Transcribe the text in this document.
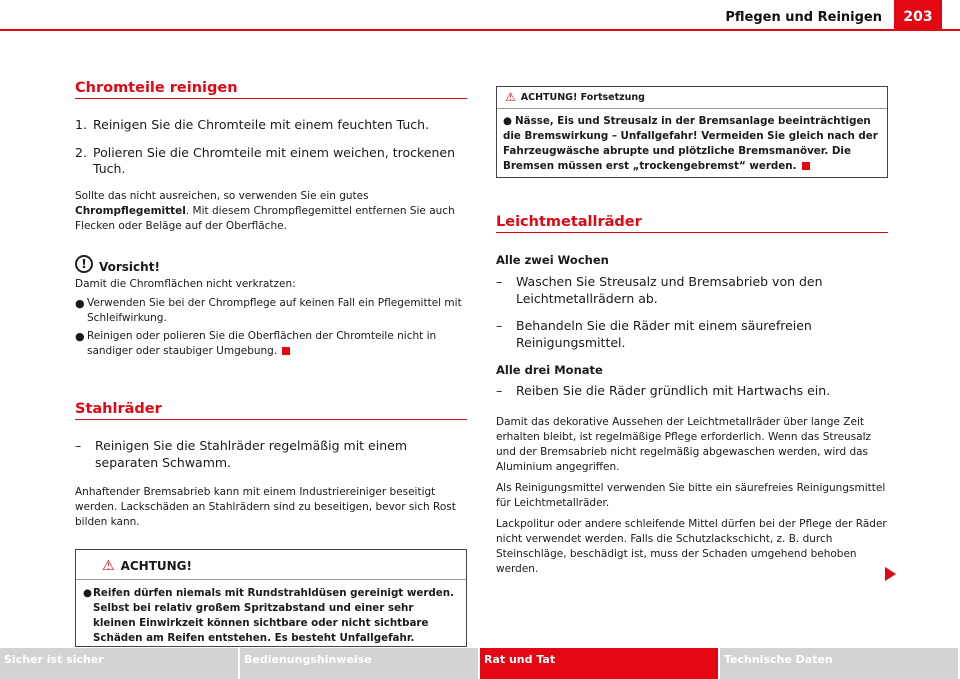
Pflegen und Reinigen	203
Chromteile reinigen
1. Reinigen Sie die Chromteile mit einem feuchten Tuch.
2. Polieren Sie die Chromteile mit einem weichen, trockenen Tuch.

Sollte das nicht ausreichen, so verwenden Sie ein gutes Chrompflegemittel. Mit diesem Chrompflegemittel entfernen Sie auch Flecken oder Beläge auf der Oberfläche.

!	Vorsicht!

Damit die Chromflächen nicht verkratzen:

● Verwenden Sie bei der Chrompflege auf keinen Fall ein Pflegemittel mit Schleifwirkung.
● Reinigen oder polieren Sie die Oberflächen der Chromteile nicht in sandiger oder staubiger Umgebung.
Stahlräder
–	Reinigen Sie die Stahlräder regelmäßig mit einem separaten Schwamm.

Anhaftender Bremsabrieb kann mit einem Industriereiniger beseitigt werden. Lackschäden an Stahlrädern sind zu beseitigen, bevor sich Rost bilden kann.

⚠ ACHTUNG!
● Reifen dürfen niemals mit Rundstrahldüsen gereinigt werden. Selbst bei relativ großem Spritzabstand und einer sehr kleinen Einwirkzeit können sichtbare oder nicht sichtbare Schäden am Reifen entstehen. Es besteht Unfallgefahr.
⚠ ACHTUNG! Fortsetzung
● Nässe, Eis und Streusalz in der Bremsanlage beeinträchtigen die Bremswirkung – Unfallgefahr! Vermeiden Sie gleich nach der Fahrzeugwäsche abrupte und plötzliche Bremsmanöver. Die Bremsen müssen erst „trockengebremst“ werden.
Leichtmetallräder
Alle zwei Wochen
–	Waschen Sie Streusalz und Bremsabrieb von den Leichtmetallrädern ab.
–	Behandeln Sie die Räder mit einem säurefreien Reinigungsmittel.
Alle drei Monate
–	Reiben Sie die Räder gründlich mit Hartwachs ein.

Damit das dekorative Aussehen der Leichtmetallräder über lange Zeit erhalten bleibt, ist regelmäßige Pflege erforderlich. Wenn das Streusalz und der Bremsabrieb nicht regelmäßig abgewaschen werden, wird das Aluminium angegriffen.

Als Reinigungsmittel verwenden Sie bitte ein säurefreies Reinigungsmittel für Leichtmetallräder.

Lackpolitur oder andere schleifende Mittel dürfen bei der Pflege der Räder nicht verwendet werden. Falls die Schutzlackschicht, z. B. durch Steinschläge, beschädigt ist, muss der Schaden umgehend behoben werden.

Sicher ist sicher	Bedienungshinweise	Rat und Tat	Technische Daten
